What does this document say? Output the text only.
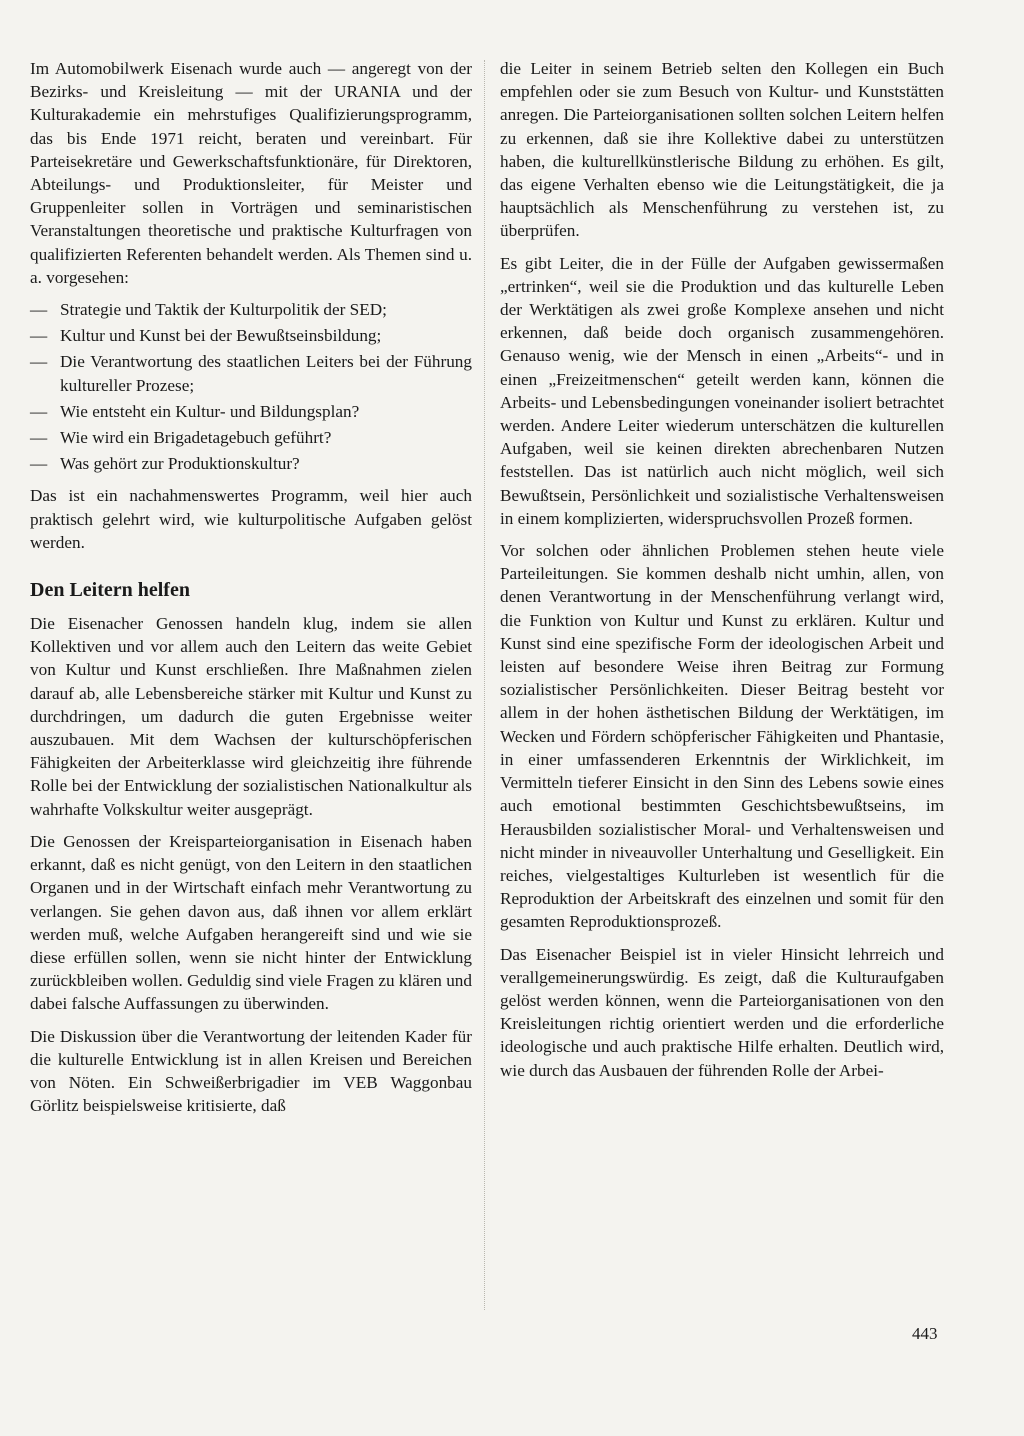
Im Automobilwerk Eisenach wurde auch — angeregt von der Bezirks- und Kreisleitung — mit der URANIA und der Kulturakademie ein mehrstufiges Qualifizierungsprogramm, das bis Ende 1971 reicht, beraten und vereinbart. Für Parteisekretäre und Gewerkschaftsfunktionäre, für Direktoren, Abteilungs- und Produktionsleiter, für Meister und Gruppenleiter sollen in Vorträgen und seminaristischen Veranstaltungen theoretische und praktische Kulturfragen von qualifizierten Referenten behandelt werden. Als Themen sind u. a. vorgesehen:

— Strategie und Taktik der Kulturpolitik der SED;
— Kultur und Kunst bei der Bewußtseinsbildung;
— Die Verantwortung des staatlichen Leiters bei der Führung kultureller Prozese;
— Wie entsteht ein Kultur- und Bildungsplan?
— Wie wird ein Brigadetagebuch geführt?
— Was gehört zur Produktionskultur?

Das ist ein nachahmenswertes Programm, weil hier auch praktisch gelehrt wird, wie kulturpolitische Aufgaben gelöst werden.

Den Leitern helfen

Die Eisenacher Genossen handeln klug, indem sie allen Kollektiven und vor allem auch den Leitern das weite Gebiet von Kultur und Kunst erschließen. Ihre Maßnahmen zielen darauf ab, alle Lebensbereiche stärker mit Kultur und Kunst zu durchdringen, um dadurch die guten Ergebnisse weiter auszubauen. Mit dem Wachsen der kulturschöpferischen Fähigkeiten der Arbeiterklasse wird gleichzeitig ihre führende Rolle bei der Entwicklung der sozialistischen Nationalkultur als wahrhafte Volkskultur weiter ausgeprägt.

Die Genossen der Kreisparteiorganisation in Eisenach haben erkannt, daß es nicht genügt, von den Leitern in den staatlichen Organen und in der Wirtschaft einfach mehr Verantwortung zu verlangen. Sie gehen davon aus, daß ihnen vor allem erklärt werden muß, welche Aufgaben herangereift sind und wie sie diese erfüllen sollen, wenn sie nicht hinter der Entwicklung zurückbleiben wollen. Geduldig sind viele Fragen zu klären und dabei falsche Auffassungen zu überwinden.

Die Diskussion über die Verantwortung der leitenden Kader für die kulturelle Entwicklung ist in allen Kreisen und Bereichen von Nöten. Ein Schweißerbrigadier im VEB Waggonbau Görlitz beispielsweise kritisierte, daß

die Leiter in seinem Betrieb selten den Kollegen ein Buch empfehlen oder sie zum Besuch von Kultur- und Kunststätten anregen. Die Parteiorganisationen sollten solchen Leitern helfen zu erkennen, daß sie ihre Kollektive dabei zu unterstützen haben, die kulturellkünstlerische Bildung zu erhöhen. Es gilt, das eigene Verhalten ebenso wie die Leitungstätigkeit, die ja hauptsächlich als Menschenführung zu verstehen ist, zu überprüfen.

Es gibt Leiter, die in der Fülle der Aufgaben gewissermaßen „ertrinken“, weil sie die Produktion und das kulturelle Leben der Werktätigen als zwei große Komplexe ansehen und nicht erkennen, daß beide doch organisch zusammengehören. Genauso wenig, wie der Mensch in einen „Arbeits“- und in einen „Freizeitmenschen“ geteilt werden kann, können die Arbeits- und Lebensbedingungen voneinander isoliert betrachtet werden. Andere Leiter wiederum unterschätzen die kulturellen Aufgaben, weil sie keinen direkten abrechenbaren Nutzen feststellen. Das ist natürlich auch nicht möglich, weil sich Bewußtsein, Persönlichkeit und sozialistische Verhaltensweisen in einem komplizierten, widerspruchsvollen Prozeß formen.

Vor solchen oder ähnlichen Problemen stehen heute viele Parteileitungen. Sie kommen deshalb nicht umhin, allen, von denen Verantwortung in der Menschenführung verlangt wird, die Funktion von Kultur und Kunst zu erklären. Kultur und Kunst sind eine spezifische Form der ideologischen Arbeit und leisten auf besondere Weise ihren Beitrag zur Formung sozialistischer Persönlichkeiten. Dieser Beitrag besteht vor allem in der hohen ästhetischen Bildung der Werktätigen, im Wecken und Fördern schöpferischer Fähigkeiten und Phantasie, in einer umfassenderen Erkenntnis der Wirklichkeit, im Vermitteln tieferer Einsicht in den Sinn des Lebens sowie eines auch emotional bestimmten Geschichtsbewußtseins, im Herausbilden sozialistischer Moral- und Verhaltensweisen und nicht minder in niveauvoller Unterhaltung und Geselligkeit. Ein reiches, vielgestaltiges Kulturleben ist wesentlich für die Reproduktion der Arbeitskraft des einzelnen und somit für den gesamten Reproduktionsprozeß.

Das Eisenacher Beispiel ist in vieler Hinsicht lehrreich und verallgemeinerungswürdig. Es zeigt, daß die Kulturaufgaben gelöst werden können, wenn die Parteiorganisationen von den Kreisleitungen richtig orientiert werden und die erforderliche ideologische und auch praktische Hilfe erhalten. Deutlich wird, wie durch das Ausbauen der führenden Rolle der Arbei-

443
